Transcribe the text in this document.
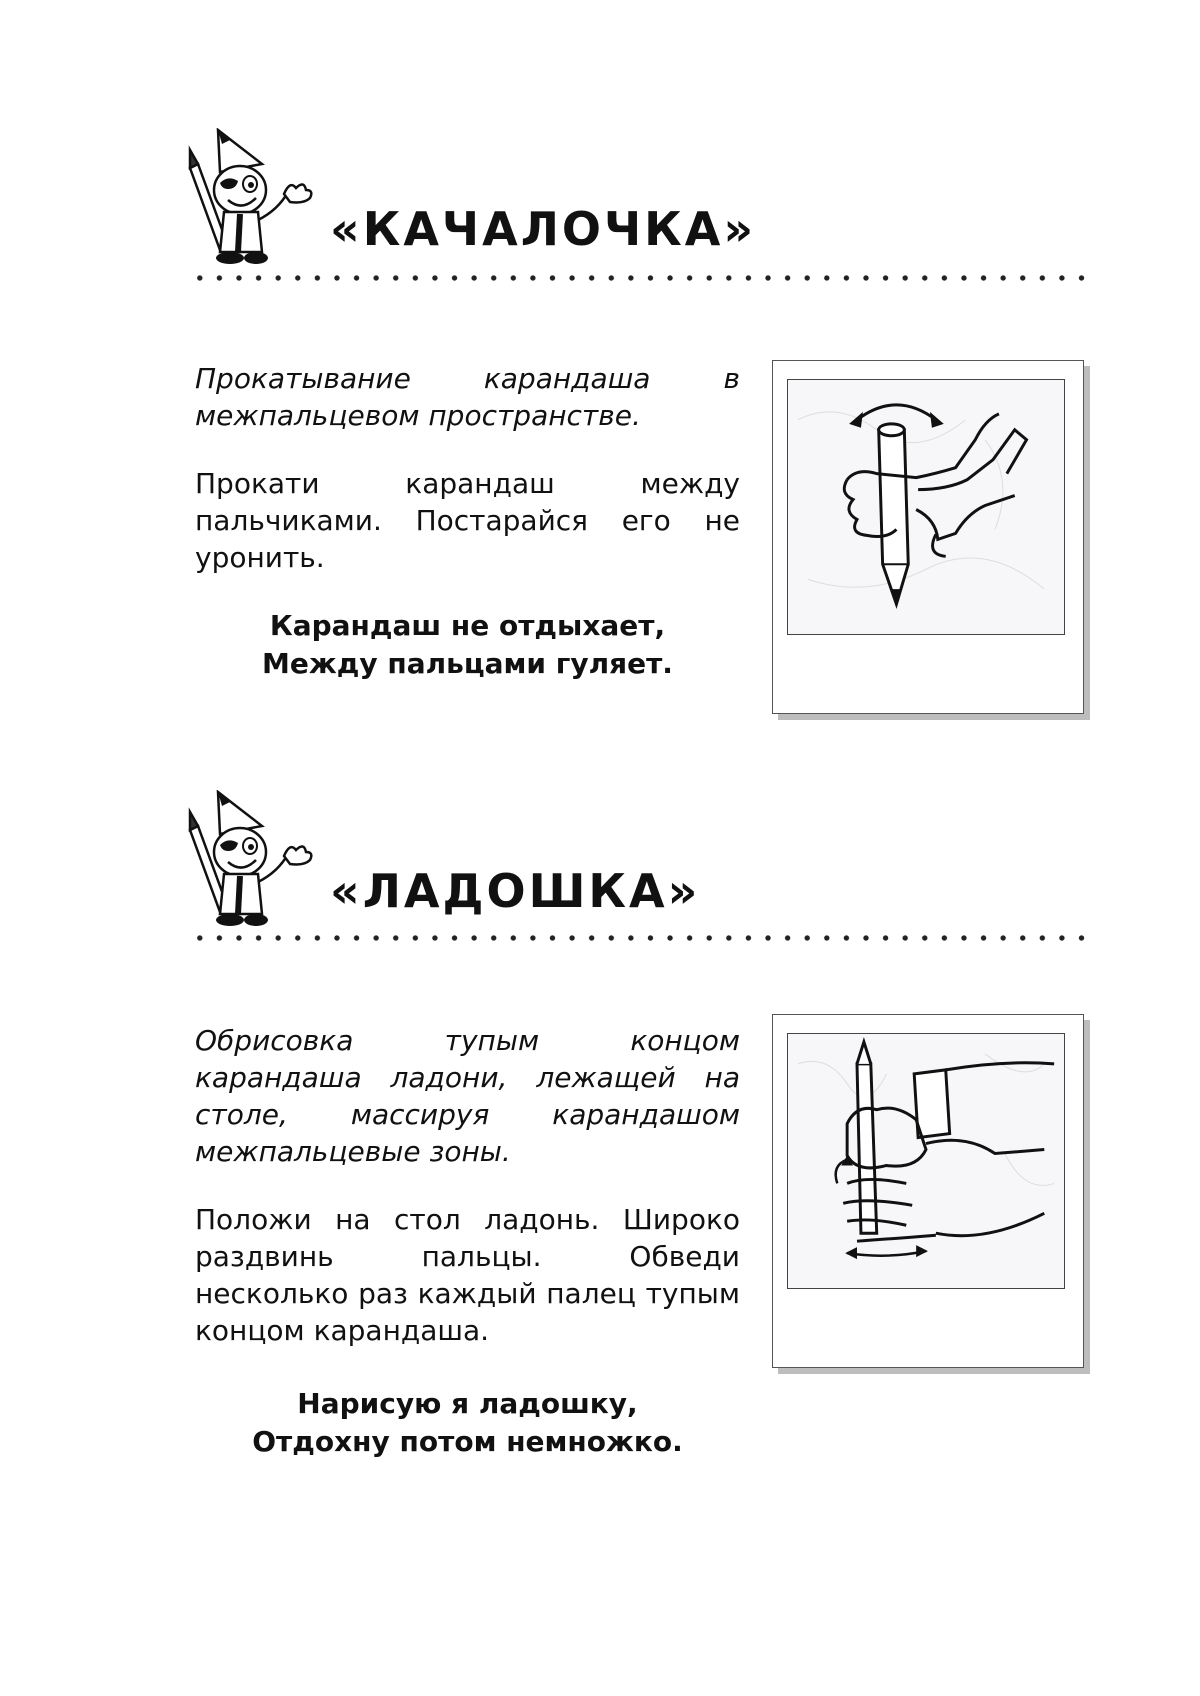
«КАЧАЛОЧКА»

Прокатывание карандаша в межпальцевом пространстве.

Прокати карандаш между пальчиками. Постарайся его не уронить.

Карандаш не отдыхает,

Между пальцами гуляет.

«ЛАДОШКА»

Обрисовка тупым концом карандаша ладони, лежащей на столе, массируя карандашом межпальцевые зоны.

Положи на стол ладонь. Широко раздвинь пальцы. Обведи несколько раз каждый палец тупым концом карандаша.

Нарисую я ладошку,

Отдохну потом немножко.
